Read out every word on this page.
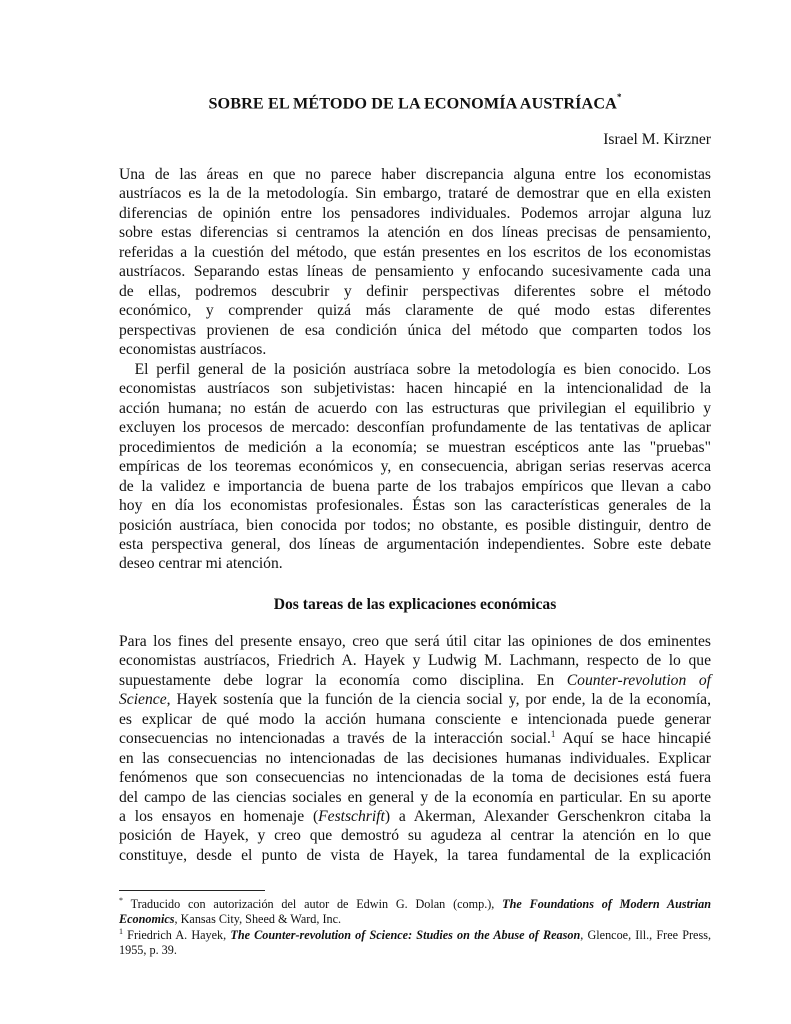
SOBRE EL MÉTODO DE LA ECONOMÍA AUSTRÍACA*
Israel M. Kirzner
Una de las áreas en que no parece haber discrepancia alguna entre los economistas
austríacos es la de la metodología. Sin embargo, trataré de demostrar que en ella existen
diferencias de opinión entre los pensadores individuales. Podemos arrojar alguna luz
sobre estas diferencias si centramos la atención en dos líneas precisas de pensamiento,
referidas a la cuestión del método, que están presentes en los escritos de los economistas
austríacos. Separando estas líneas de pensamiento y enfocando sucesivamente cada una
de ellas, podremos descubrir y definir perspectivas diferentes sobre el método
económico, y comprender quizá más claramente de qué modo estas diferentes
perspectivas provienen de esa condición única del método que comparten todos los
economistas austríacos.
El perfil general de la posición austríaca sobre la metodología es bien conocido. Los
economistas austríacos son subjetivistas: hacen hincapié en la intencionalidad de la
acción humana; no están de acuerdo con las estructuras que privilegian el equilibrio y
excluyen los procesos de mercado: desconfían profundamente de las tentativas de aplicar
procedimientos de medición a la economía; se muestran escépticos ante las "pruebas"
empíricas de los teoremas económicos y, en consecuencia, abrigan serias reservas acerca
de la validez e importancia de buena parte de los trabajos empíricos que llevan a cabo
hoy en día los economistas profesionales. Éstas son las características generales de la
posición austríaca, bien conocida por todos; no obstante, es posible distinguir, dentro de
esta perspectiva general, dos líneas de argumentación independientes. Sobre este debate
deseo centrar mi atención.
Dos tareas de las explicaciones económicas
Para los fines del presente ensayo, creo que será útil citar las opiniones de dos eminentes
economistas austríacos, Friedrich A. Hayek y Ludwig M. Lachmann, respecto de lo que
supuestamente debe lograr la economía como disciplina. En Counter-revolution of
Science, Hayek sostenía que la función de la ciencia social y, por ende, la de la economía,
es explicar de qué modo la acción humana consciente e intencionada puede generar
consecuencias no intencionadas a través de la interacción social.$^1$ Aquí se hace hincapié
en las consecuencias no intencionadas de las decisiones humanas individuales. Explicar
fenómenos que son consecuencias no intencionadas de la toma de decisiones está fuera
del campo de las ciencias sociales en general y de la economía en particular. En su aporte
a los ensayos en homenaje (Festschrift) a Akerman, Alexander Gerschenkron citaba la
posición de Hayek, y creo que demostró su agudeza al centrar la atención en lo que
constituye, desde el punto de vista de Hayek, la tarea fundamental de la explicación
* Traducido con autorización del autor de Edwin G. Dolan (comp.), The Foundations of Modern Austrian
Economics, Kansas City, Sheed & Ward, Inc.
$^1$ Friedrich A. Hayek, The Counter-revolution of Science: Studies on the Abuse of Reason, Glencoe, Ill., Free Press,
1955, p. 39.
